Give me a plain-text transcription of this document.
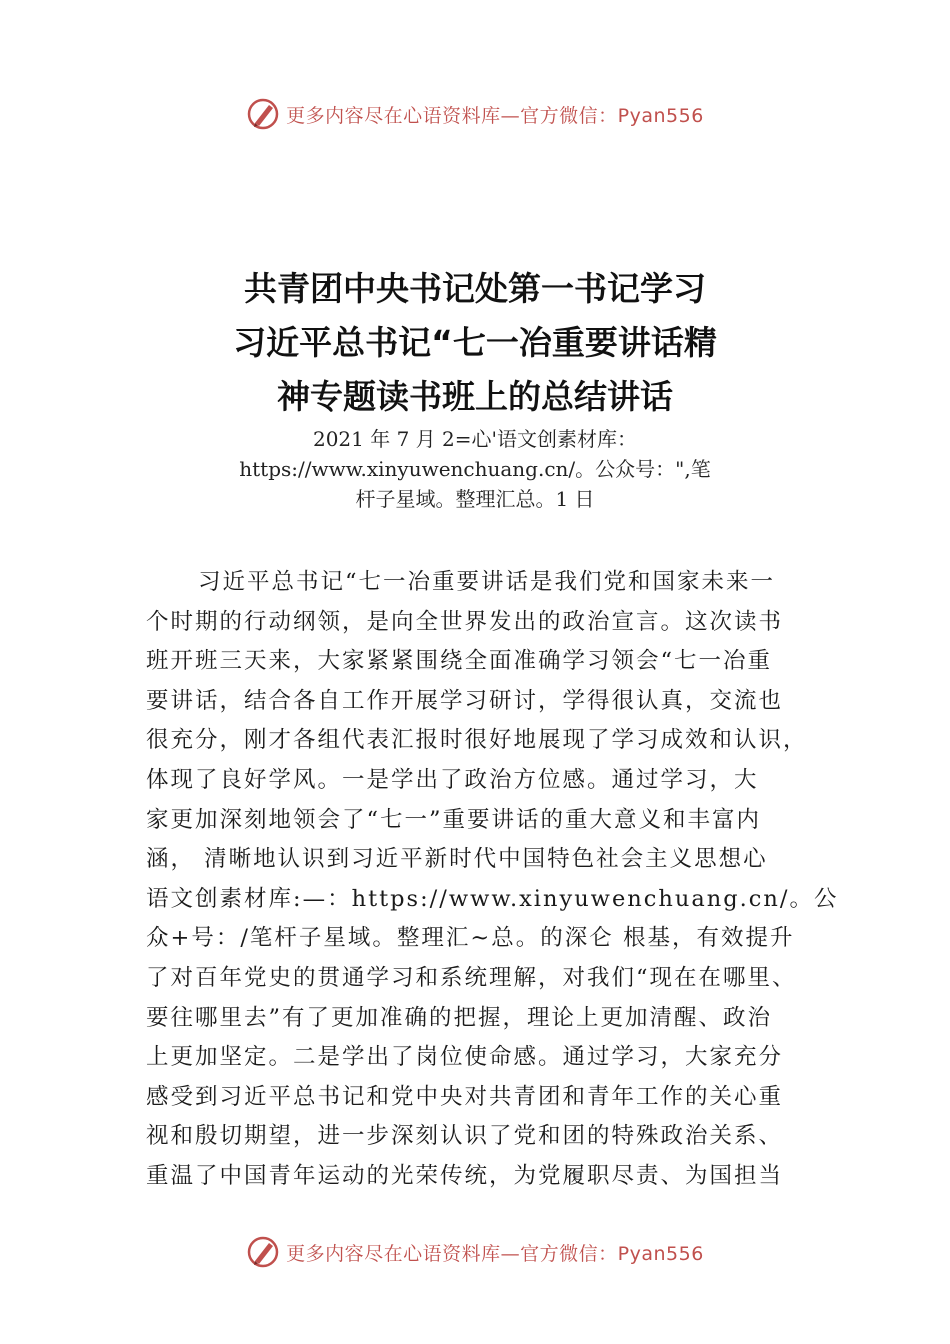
更多内容尽在心语资料库—官方微信：Pyan556
共青团中央书记处第一书记学习
习近平总书记“七一冶重要讲话精
神专题读书班上的总结讲话
2021 年 7 月 2=心'语文创素材库：
https://www.xinyuwenchuang.cn/。公众号：",笔
杆子星域。整理汇总。1 日
习近平总书记“七一冶重要讲话是我们党和国家未来一
个时期的行动纲领，是向全世界发出的政治宣言。这次读书
班开班三天来，大家紧紧围绕全面准确学习领会“七一冶重
要讲话，结合各自工作开展学习研讨，学得很认真，交流也
很充分，刚才各组代表汇报时很好地展现了学习成效和认识，
体现了良好学风。一是学出了政治方位感。通过学习，大
家更加深刻地领会了“七一”重要讲话的重大意义和丰富内
涵， 清晰地认识到习近平新时代中国特色社会主义思想心
语文创素材库:—：https://www.xinyuwenchuang.cn/。公
众+号：/笔杆子星域。整理汇~总。的深仑 根基，有效提升
了对百年党史的贯通学习和系统理解，对我们“现在在哪里、
要往哪里去”有了更加准确的把握，理论上更加清醒、政治
上更加坚定。二是学出了岗位使命感。通过学习，大家充分
感受到习近平总书记和党中央对共青团和青年工作的关心重
视和殷切期望，进一步深刻认识了党和团的特殊政治关系、
重温了中国青年运动的光荣传统，为党履职尽责、为国担当
更多内容尽在心语资料库—官方微信：Pyan556
